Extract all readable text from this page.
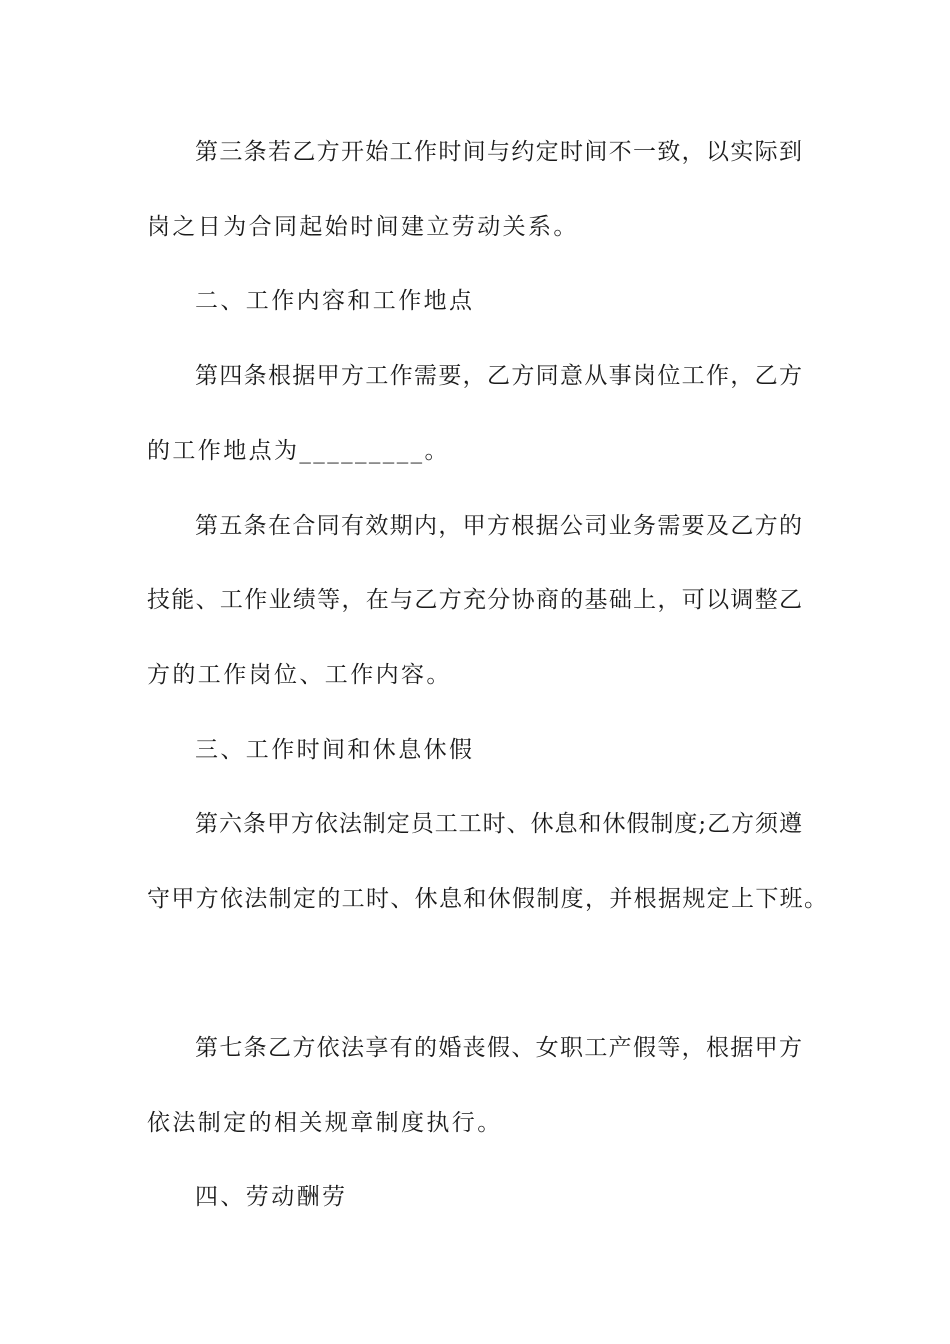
第三条若乙方开始工作时间与约定时间不一致，以实际到
岗之日为合同起始时间建立劳动关系。
二、工作内容和工作地点
第四条根据甲方工作需要，乙方同意从事岗位工作，乙方
的工作地点为_________。
第五条在合同有效期内，甲方根据公司业务需要及乙方的
技能、工作业绩等，在与乙方充分协商的基础上，可以调整乙
方的工作岗位、工作内容。
三、工作时间和休息休假
第六条甲方依法制定员工工时、休息和休假制度;乙方须遵
守甲方依法制定的工时、休息和休假制度，并根据规定上下班。
第七条乙方依法享有的婚丧假、女职工产假等，根据甲方
依法制定的相关规章制度执行。
四、劳动酬劳
